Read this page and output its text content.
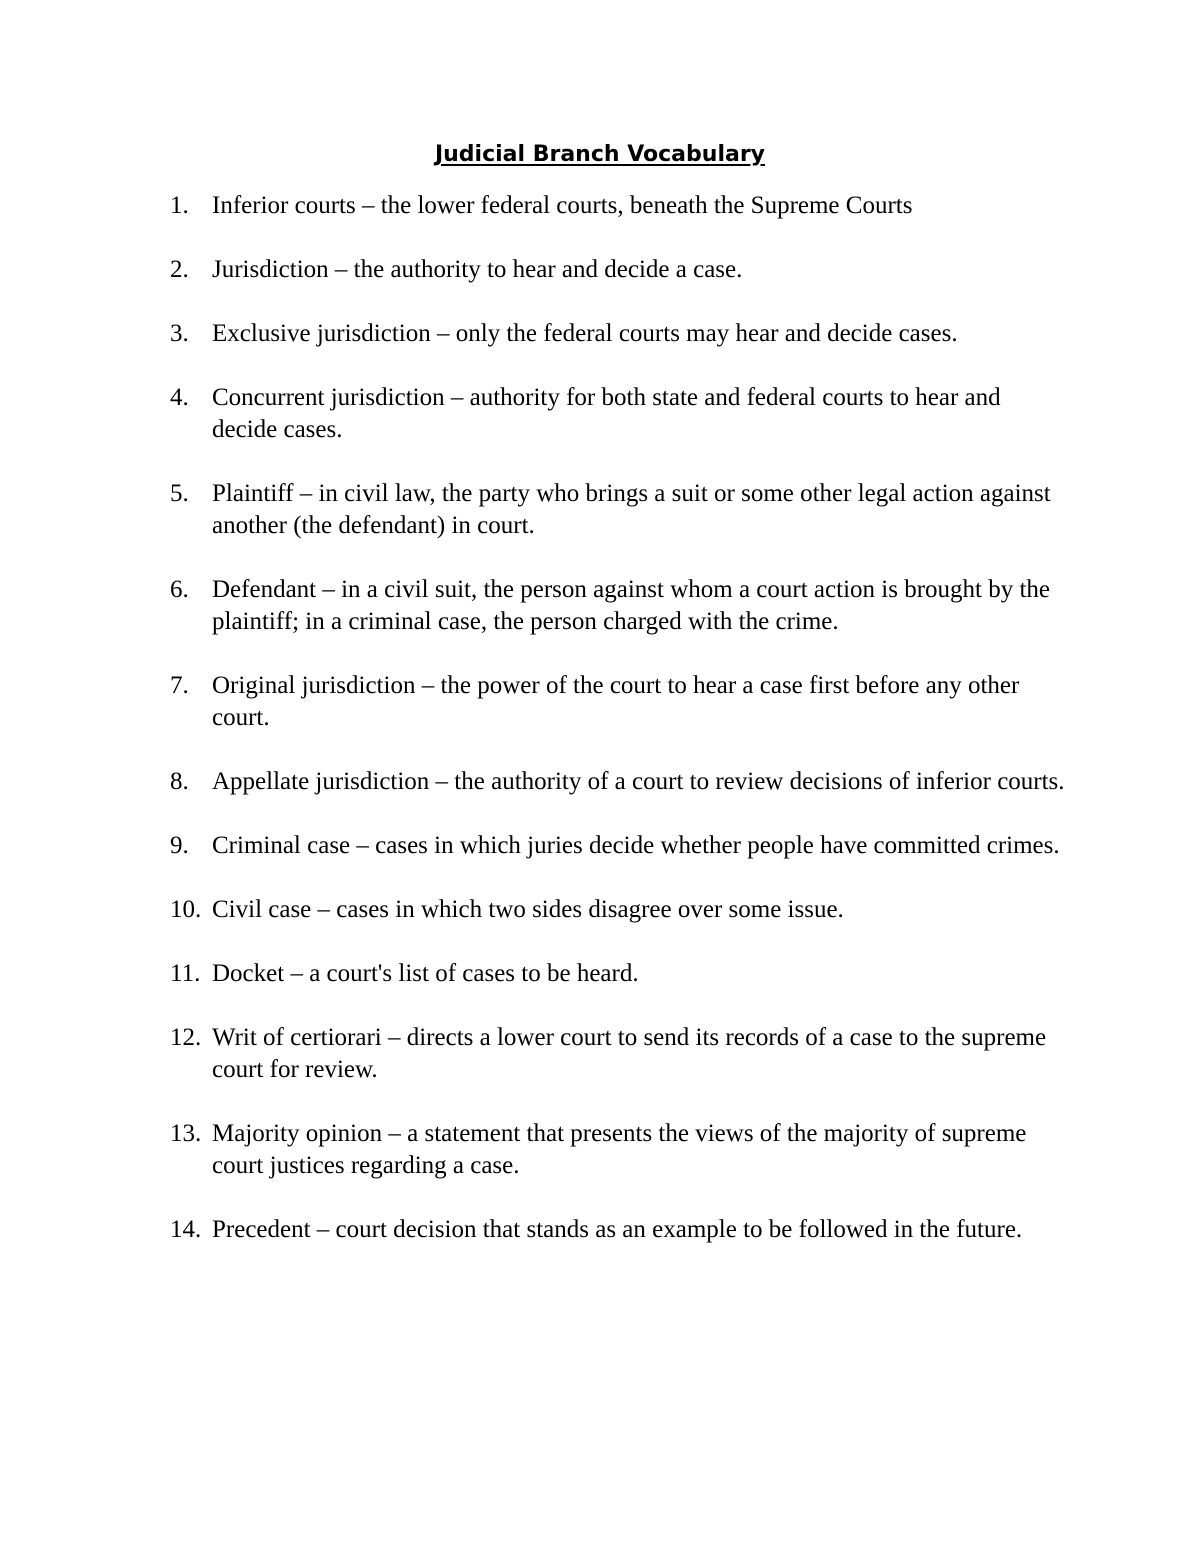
Judicial Branch Vocabulary
1. Inferior courts – the lower federal courts, beneath the Supreme Courts
2. Jurisdiction – the authority to hear and decide a case.
3. Exclusive jurisdiction – only the federal courts may hear and decide cases.
4. Concurrent jurisdiction – authority for both state and federal courts to hear and decide cases.
5. Plaintiff – in civil law, the party who brings a suit or some other legal action against another (the defendant) in court.
6. Defendant – in a civil suit, the person against whom a court action is brought by the plaintiff; in a criminal case, the person charged with the crime.
7. Original jurisdiction – the power of the court to hear a case first before any other court.
8. Appellate jurisdiction – the authority of a court to review decisions of inferior courts.
9. Criminal case – cases in which juries decide whether people have committed crimes.
10. Civil case – cases in which two sides disagree over some issue.
11. Docket – a court's list of cases to be heard.
12. Writ of certiorari – directs a lower court to send its records of a case to the supreme court for review.
13. Majority opinion – a statement that presents the views of the majority of supreme court justices regarding a case.
14. Precedent – court decision that stands as an example to be followed in the future.
